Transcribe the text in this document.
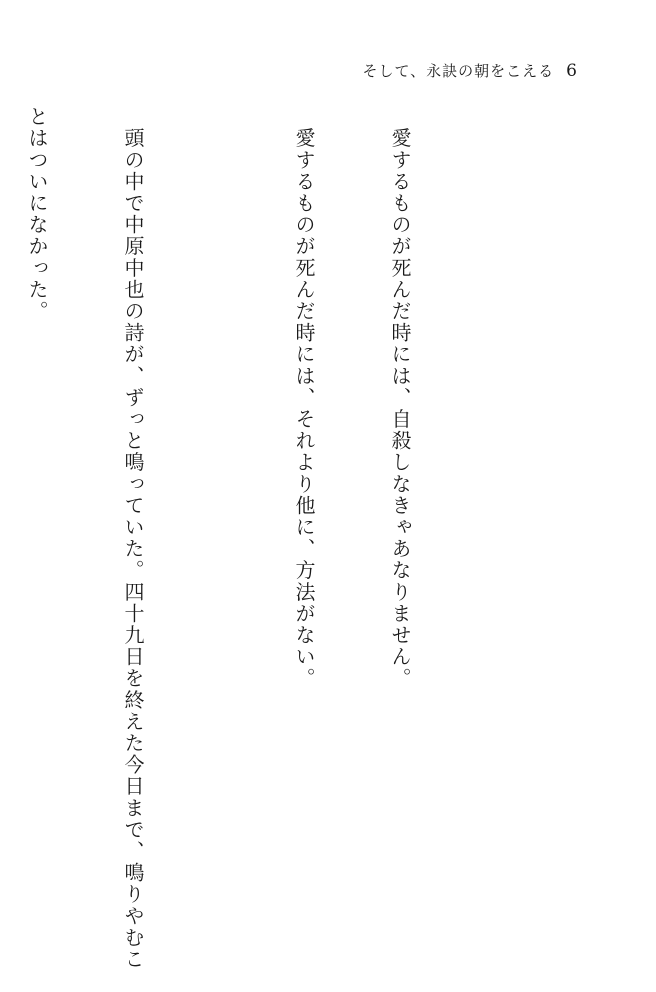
そして、永訣の朝をこえる 6

　愛するものが死んだ時には、自殺しなきゃあなりません。

　愛するものが死んだ時には、それより他に、方法がない。

　頭の中で中原中也の詩が、ずっと鳴っていた。四十九日を終えた今日まで、鳴りやむこ

とはついになかった。
